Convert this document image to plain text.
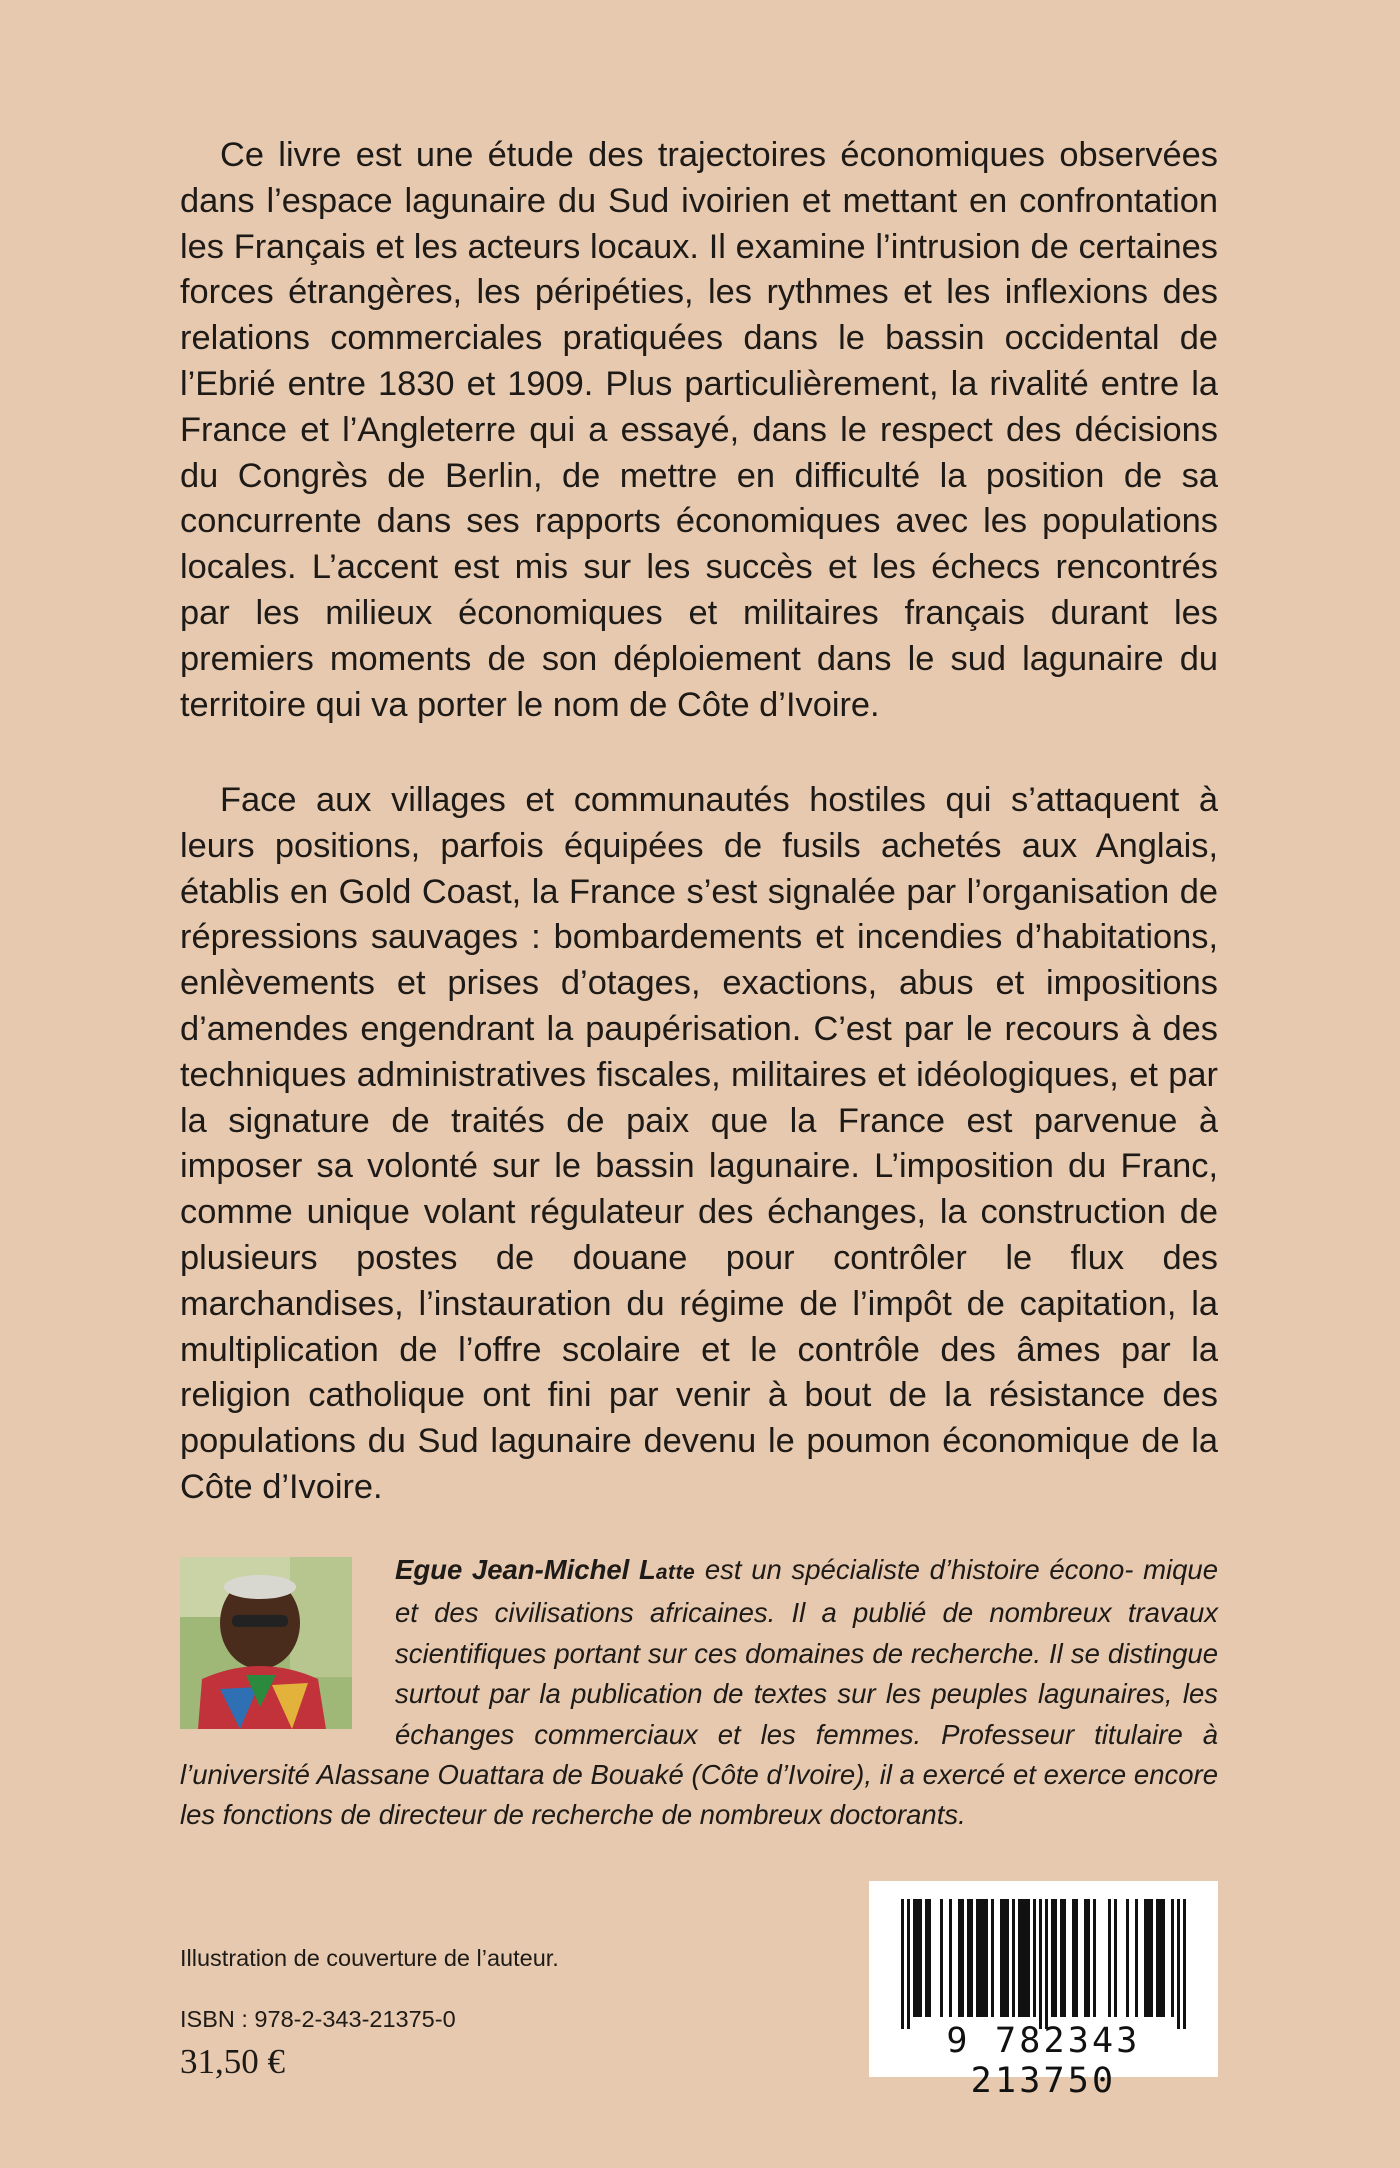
Ce livre est une étude des trajectoires économiques observées dans l’espace lagunaire du Sud ivoirien et mettant en confrontation les Français et les acteurs locaux. Il examine l’intrusion de certaines forces étrangères, les péripéties, les rythmes et les inflexions des relations commerciales pratiquées dans le bassin occidental de l’Ebrié entre 1830 et 1909. Plus particulièrement, la rivalité entre la France et l’Angleterre qui a essayé, dans le respect des décisions du Congrès de Berlin, de mettre en difficulté la position de sa concurrente dans ses rapports économiques avec les populations locales. L’accent est mis sur les succès et les échecs rencontrés par les milieux économiques et militaires français durant les premiers moments de son déploiement dans le sud lagunaire du territoire qui va porter le nom de Côte d’Ivoire.

Face aux villages et communautés hostiles qui s’attaquent à leurs positions, parfois équipées de fusils achetés aux Anglais, établis en Gold Coast, la France s’est signalée par l’organisation de répressions sauvages : bombardements et incendies d’habitations, enlèvements et prises d’otages, exactions, abus et impositions d’amendes engendrant la paupérisation. C’est par le recours à des techniques administratives fiscales, militaires et idéologiques, et par la signature de traités de paix que la France est parvenue à imposer sa volonté sur le bassin lagunaire. L’imposition du Franc, comme unique volant régulateur des échanges, la construction de plusieurs postes de douane pour contrôler le flux des marchandises, l’instauration du régime de l’impôt de capitation, la multiplication de l’offre scolaire et le contrôle des âmes par la religion catholique ont fini par venir à bout de la résistance des populations du Sud lagunaire devenu le poumon économique de la Côte d’Ivoire.

Egue Jean-Michel Latte est un spécialiste d’histoire écono- mique et des civilisations africaines. Il a publié de nombreux travaux scientifiques portant sur ces domaines de recherche. Il se distingue surtout par la publication de textes sur les peuples lagunaires, les échanges commerciaux et les femmes. Professeur titulaire à l’université Alassane Ouattara de Bouaké (Côte d’Ivoire), il a exercé et exerce encore les fonctions de directeur de recherche de nombreux doctorants.

Illustration de couverture de l’auteur.

ISBN : 978-2-343-21375-0

31,50 €

9 782343 213750
